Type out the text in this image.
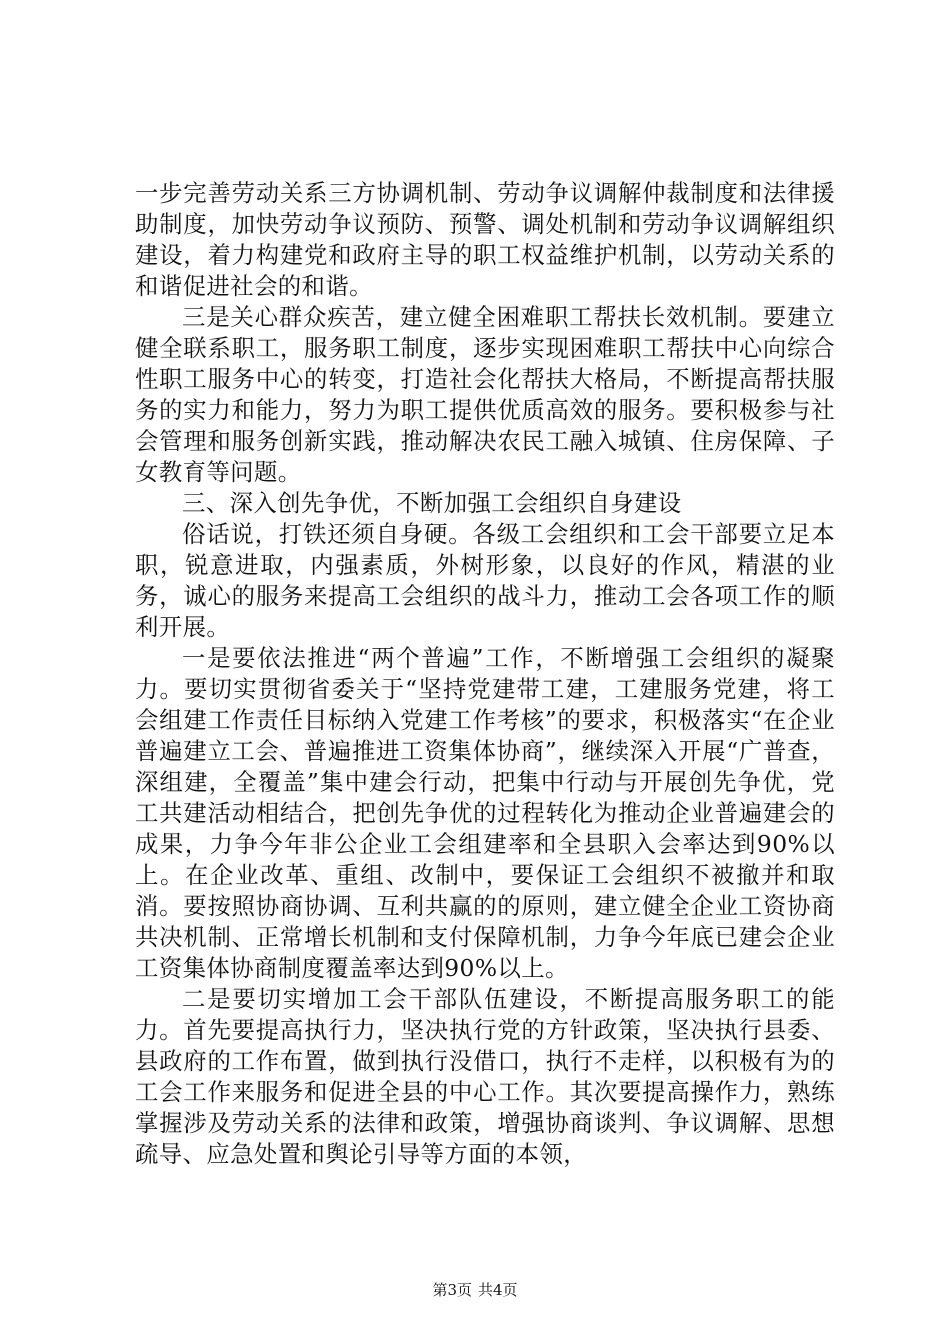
一步完善劳动关系三方协调机制、劳动争议调解仲裁制度和法律援助制度，加快劳动争议预防、预警、调处机制和劳动争议调解组织建设，着力构建党和政府主导的职工权益维护机制，以劳动关系的和谐促进社会的和谐。

三是关心群众疾苦，建立健全困难职工帮扶长效机制。要建立健全联系职工，服务职工制度，逐步实现困难职工帮扶中心向综合性职工服务中心的转变，打造社会化帮扶大格局，不断提高帮扶服务的实力和能力，努力为职工提供优质高效的服务。要积极参与社会管理和服务创新实践，推动解决农民工融入城镇、住房保障、子女教育等问题。

三、深入创先争优，不断加强工会组织自身建设

俗话说，打铁还须自身硬。各级工会组织和工会干部要立足本职，锐意进取，内强素质，外树形象，以良好的作风，精湛的业务，诚心的服务来提高工会组织的战斗力，推动工会各项工作的顺利开展。

一是要依法推进“两个普遍”工作，不断增强工会组织的凝聚力。要切实贯彻省委关于“坚持党建带工建，工建服务党建，将工会组建工作责任目标纳入党建工作考核”的要求，积极落实“在企业普遍建立工会、普遍推进工资集体协商”，继续深入开展“广普查，深组建，全覆盖”集中建会行动，把集中行动与开展创先争优，党工共建活动相结合，把创先争优的过程转化为推动企业普遍建会的成果，力争今年非公企业工会组建率和全县职入会率达到90%以上。在企业改革、重组、改制中，要保证工会组织不被撤并和取消。要按照协商协调、互利共赢的的原则，建立健全企业工资协商共决机制、正常增长机制和支付保障机制，力争今年底已建会企业工资集体协商制度覆盖率达到90%以上。

二是要切实增加工会干部队伍建设，不断提高服务职工的能力。首先要提高执行力，坚决执行党的方针政策，坚决执行县委、县政府的工作布置，做到执行没借口，执行不走样，以积极有为的工会工作来服务和促进全县的中心工作。其次要提高操作力，熟练掌握涉及劳动关系的法律和政策，增强协商谈判、争议调解、思想疏导、应急处置和舆论引导等方面的本领，

第3页 共4页
